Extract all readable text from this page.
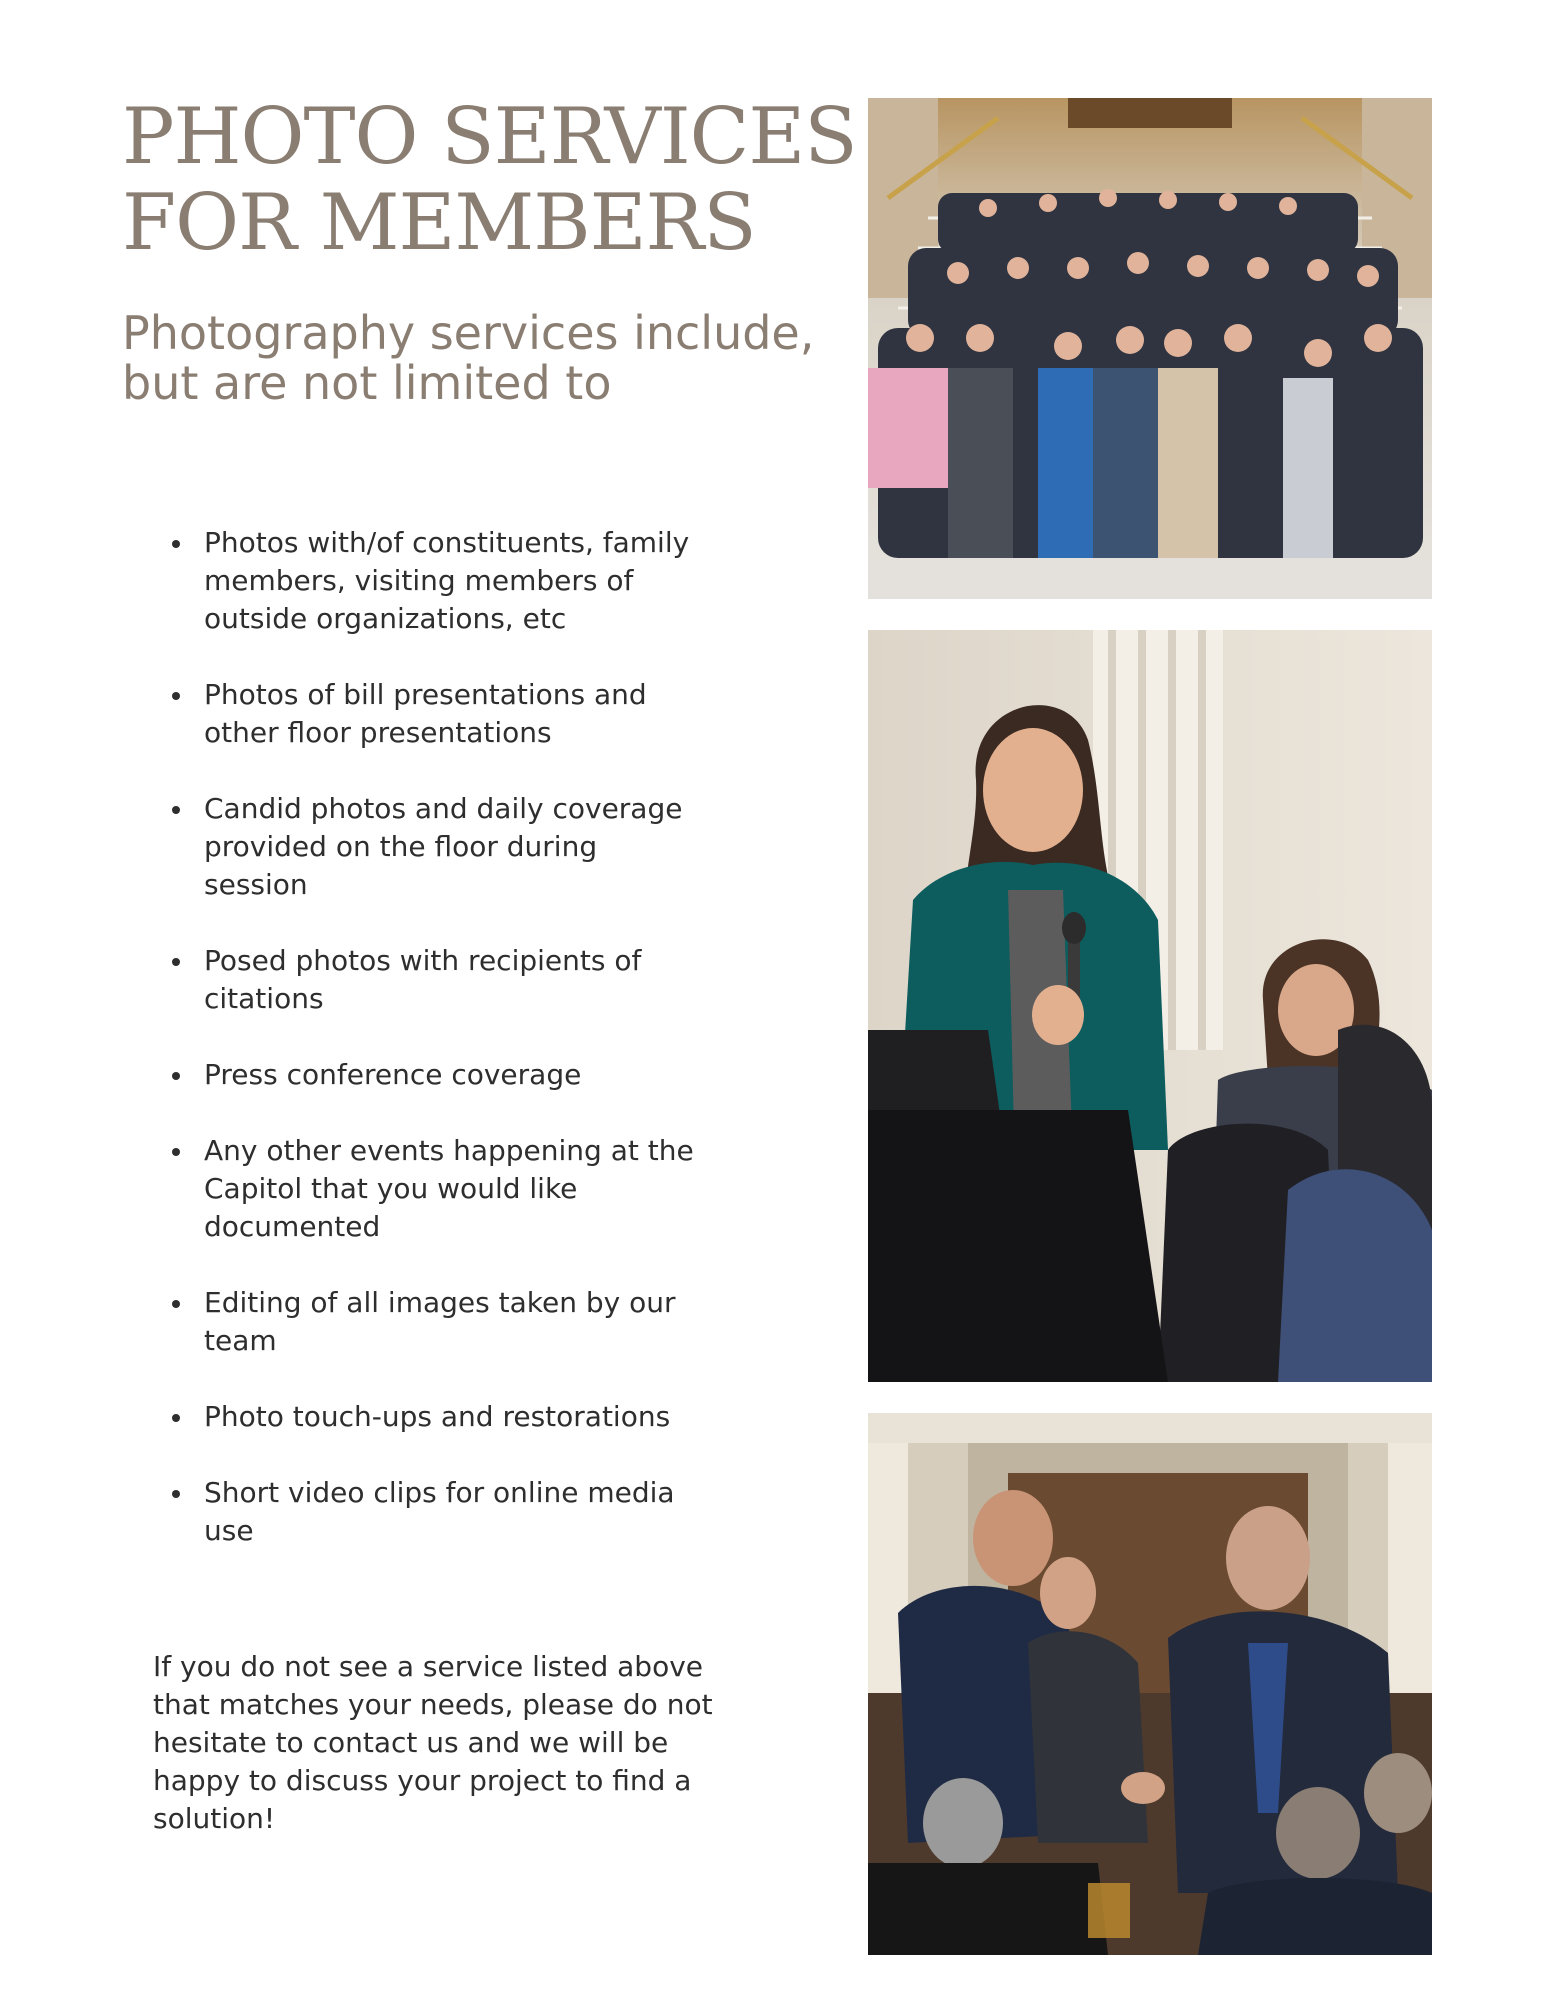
PHOTO SERVICES
FOR MEMBERS
Photography services include,
but are not limited to
Photos with/of constituents, family
members, visiting members of
outside organizations, etc
Photos of bill presentations and
other floor presentations
Candid photos and daily coverage
provided on the floor during
session
Posed photos with recipients of
citations
Press conference coverage
Any other events happening at the
Capitol that you would like
documented
Editing of all images taken by our
team
Photo touch-ups and restorations
Short video clips for online media
use

If you do not see a service listed above
that matches your needs, please do not
hesitate to contact us and we will be
happy to discuss your project to find a
solution!
